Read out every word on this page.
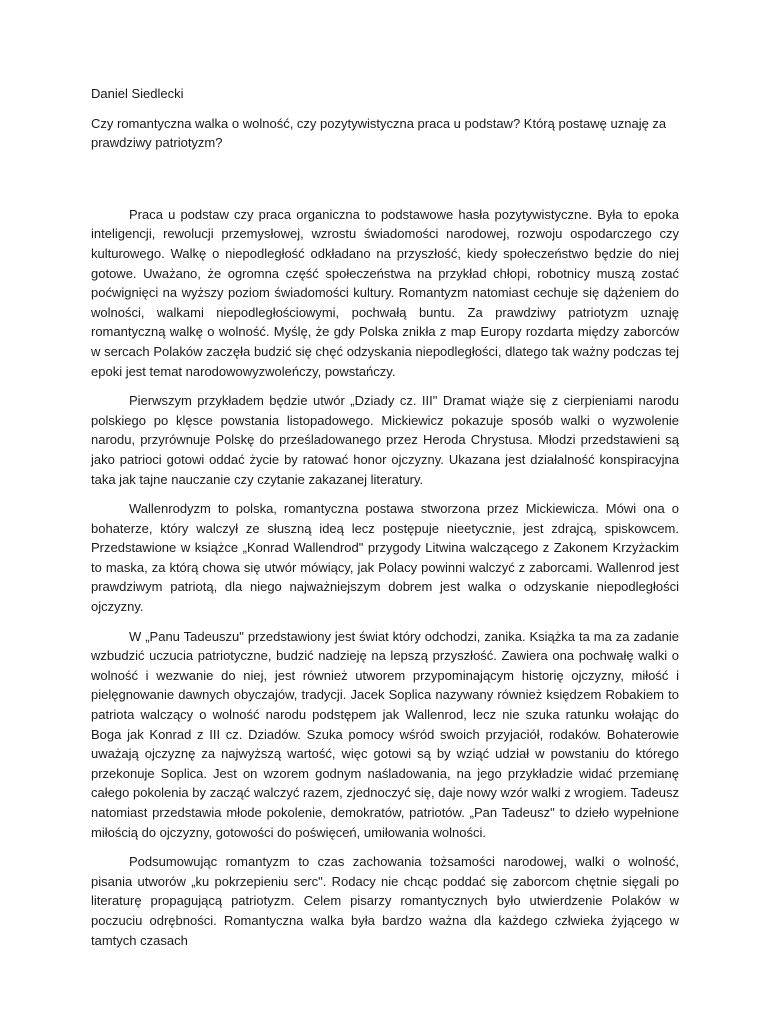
Daniel Siedlecki

Czy romantyczna walka o wolność, czy pozytywistyczna praca u podstaw? Którą postawę uznaję za prawdziwy patriotyzm?

Praca u podstaw czy praca organiczna to podstawowe hasła pozytywistyczne. Była to epoka inteligencji, rewolucji przemysłowej, wzrostu świadomości narodowej, rozwoju ospodarczego czy kulturowego. Walkę o niepodległość odkładano na przyszłość, kiedy społeczeństwo będzie do niej gotowe. Uważano, że ogromna część społeczeństwa na przykład chłopi, robotnicy muszą zostać poćwignięci na wyższy poziom świadomości kultury. Romantyzm natomiast cechuje się dążeniem do wolności, walkami niepodległościowymi, pochwałą buntu. Za prawdziwy patriotyzm uznaję romantyczną walkę o wolność. Myślę, że gdy Polska znikła z map Europy rozdarta między zaborców w sercach Polaków zaczęła budzić się chęć odzyskania niepodległości, dlatego tak ważny podczas tej epoki jest temat narodowowyzwoleńczy, powstańczy.

Pierwszym przykładem będzie utwór „Dziady cz. III" Dramat wiąże się z cierpieniami narodu polskiego po klęsce powstania listopadowego. Mickiewicz pokazuje sposób walki o wyzwolenie narodu, przyrównuje Polskę do prześladowanego przez Heroda Chrystusa. Młodzi przedstawieni są jako patrioci gotowi oddać życie by ratować honor ojczyzny. Ukazana jest działalność konspiracyjna taka jak tajne nauczanie czy czytanie zakazanej literatury.

Wallenrodyzm to polska, romantyczna postawa stworzona przez Mickiewicza. Mówi ona o bohaterze, który walczył ze słuszną ideą lecz postępuje nieetycznie, jest zdrajcą, spiskowcem. Przedstawione w książce „Konrad Wallendrod" przygody Litwina walczącego z Zakonem Krzyżackim to maska, za którą chowa się utwór mówiący, jak Polacy powinni walczyć z zaborcami. Wallenrod jest prawdziwym patriotą, dla niego najważniejszym dobrem jest walka o odzyskanie niepodległości ojczyzny.

W „Panu Tadeuszu" przedstawiony jest świat który odchodzi, zanika. Książka ta ma za zadanie wzbudzić uczucia patriotyczne, budzić nadzieję na lepszą przyszłość. Zawiera ona pochwałę walki o wolność i wezwanie do niej, jest również utworem przypominającym historię ojczyzny, miłość i pielęgnowanie dawnych obyczajów, tradycji. Jacek Soplica nazywany również księdzem Robakiem to patriota walczący o wolność narodu podstępem jak Wallenrod, lecz nie szuka ratunku wołając do Boga jak Konrad z III cz. Dziadów. Szuka pomocy wśród swoich przyjaciół, rodaków. Bohaterowie uważają ojczyznę za najwyższą wartość, więc gotowi są by wziąć udział w powstaniu do którego przekonuje Soplica. Jest on wzorem godnym naśladowania, na jego przykładzie widać przemianę całego pokolenia by zacząć walczyć razem, zjednoczyć się, daje nowy wzór walki z wrogiem. Tadeusz natomiast przedstawia młode pokolenie, demokratów, patriotów. „Pan Tadeusz" to dzieło wypełnione miłością do ojczyzny, gotowości do poświęceń, umiłowania wolności.

Podsumowując romantyzm to czas zachowania tożsamości narodowej, walki o wolność, pisania utworów „ku pokrzepieniu serc". Rodacy nie chcąc poddać się zaborcom chętnie sięgali po literaturę propagującą patriotyzm. Celem pisarzy romantycznych było utwierdzenie Polaków w poczuciu odrębności. Romantyczna walka była bardzo ważna dla każdego człwieka żyjącego w tamtych czasach
